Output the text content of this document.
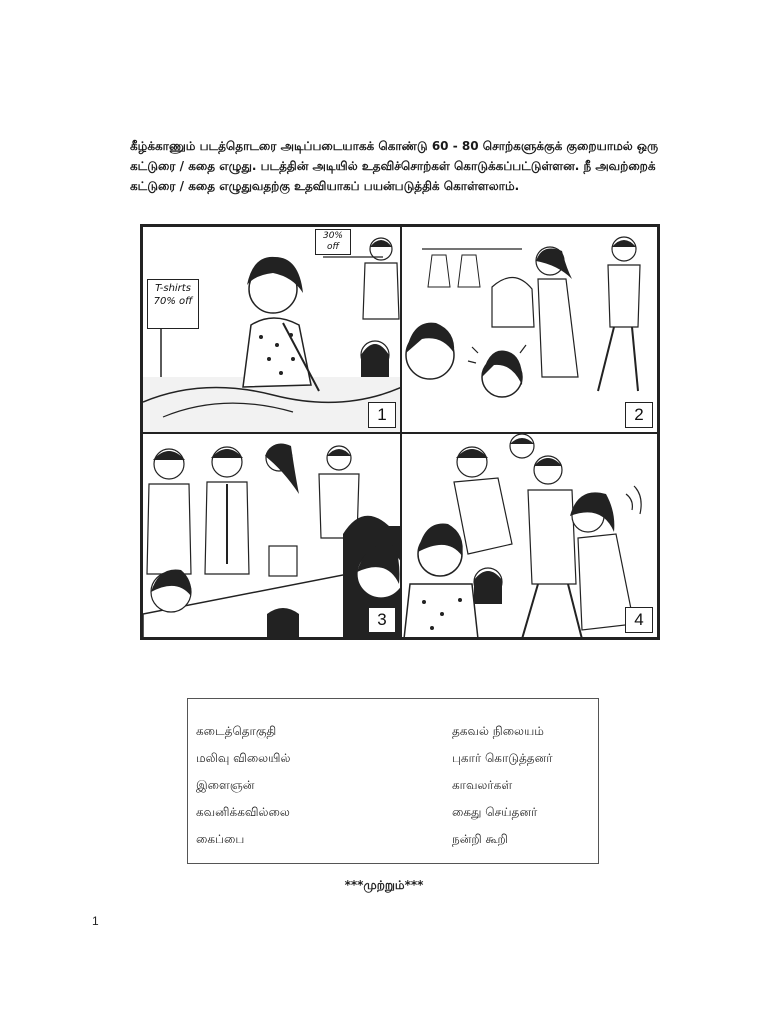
கீழ்க்காணும் படத்தொடரை அடிப்படையாகக் கொண்டு 60 - 80 சொற்களுக்குக் குறையாமல் ஒரு கட்டுரை / கதை எழுது. படத்தின் அடியில் உதவிச்சொற்கள் கொடுக்கப்பட்டுள்ளன. நீ அவற்றைக் கட்டுரை / கதை எழுதுவதற்கு உதவியாகப் பயன்படுத்திக் கொள்ளலாம்.

T-shirts 70% off
30% off
1	2
3	4
கடைத்தொகுதி
மலிவு விலையில்
இளைஞன்
கவனிக்கவில்லை
கைப்பை
தகவல் நிலையம்
புகார் கொடுத்தனர்
காவலர்கள்
கைது செய்தனர்
நன்றி கூறி
***முற்றும்***
1
